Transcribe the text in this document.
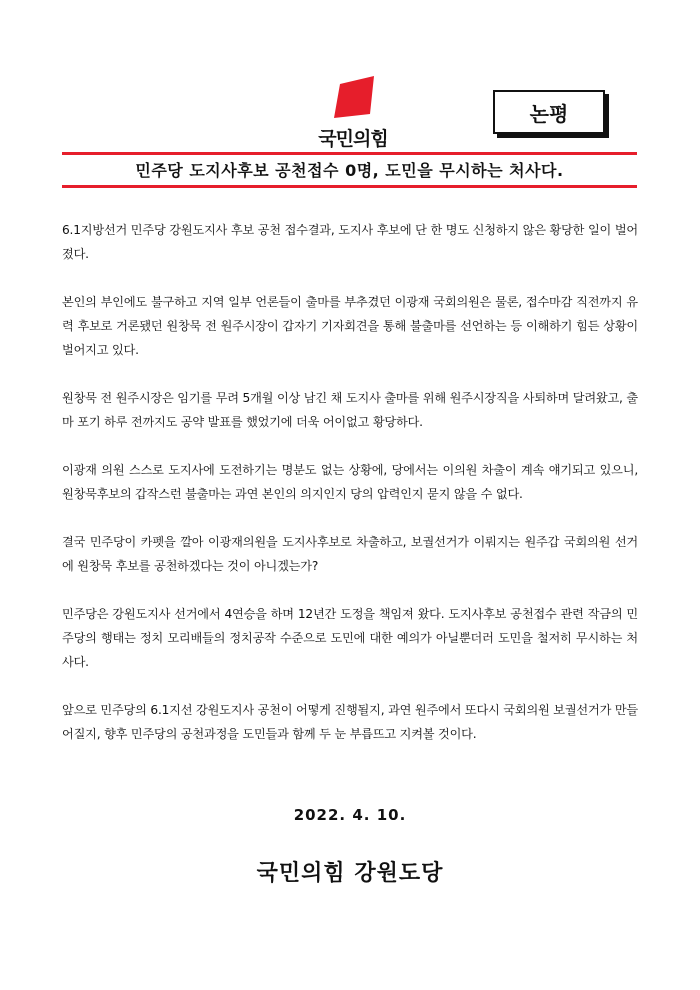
국민의힘
논평
민주당 도지사후보 공천접수 0명, 도민을 무시하는 처사다.

6.1지방선거 민주당 강원도지사 후보 공천 접수결과, 도지사 후보에 단 한 명도 신청하지 않은 황당한 일이 벌어졌다.

본인의 부인에도 불구하고 지역 일부 언론들이 출마를 부추겼던 이광재 국회의원은 물론, 접수마감 직전까지 유력 후보로 거론됐던 원창묵 전 원주시장이 갑자기 기자회견을 통해 불출마를 선언하는 등 이해하기 힘든 상황이 벌어지고 있다.

원창묵 전 원주시장은 임기를 무려 5개월 이상 남긴 채 도지사 출마를 위해 원주시장직을 사퇴하며 달려왔고, 출마 포기 하루 전까지도 공약 발표를 했었기에 더욱 어이없고 황당하다.

이광재 의원 스스로 도지사에 도전하기는 명분도 없는 상황에, 당에서는 이의원 차출이 계속 얘기되고 있으니, 원창묵후보의 갑작스런 불출마는 과연 본인의 의지인지 당의 압력인지 묻지 않을 수 없다.

결국 민주당이 카펫을 깔아 이광재의원을 도지사후보로 차출하고, 보궐선거가 이뤄지는 원주갑 국회의원 선거에 원창묵 후보를 공천하겠다는 것이 아니겠는가?

민주당은 강원도지사 선거에서 4연승을 하며 12년간 도정을 책임져 왔다. 도지사후보 공천접수 관련 작금의 민주당의 행태는 정치 모리배들의 정치공작 수준으로 도민에 대한 예의가 아닐뿐더러 도민을 철저히 무시하는 처사다.

앞으로 민주당의 6.1지선 강원도지사 공천이 어떻게 진행될지, 과연 원주에서 또다시 국회의원 보궐선거가 만들어질지, 향후 민주당의 공천과정을 도민들과 함께 두 눈 부릅뜨고 지켜볼 것이다.

2022. 4. 10.
국민의힘 강원도당
